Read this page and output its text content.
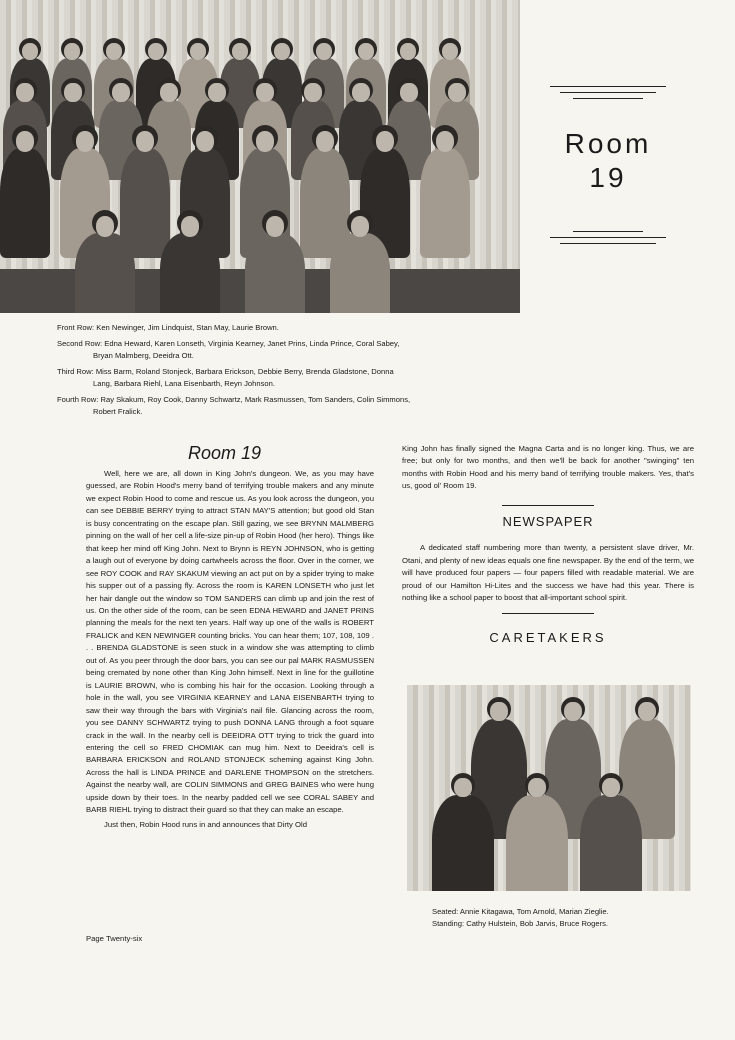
Room
19

Front Row: Ken Newinger, Jim Lindquist, Stan May, Laurie Brown.

Second Row: Edna Heward, Karen Lonseth, Virginia Kearney, Janet Prins, Linda Prince, Coral Sabey,
Bryan Malmberg, Deeidra Ott.

Third Row: Miss Barm, Roland Stonjeck, Barbara Erickson, Debbie Berry, Brenda Gladstone, Donna
Lang, Barbara Riehl, Lana Eisenbarth, Reyn Johnson.

Fourth Row: Ray Skakum, Roy Cook, Danny Schwartz, Mark Rasmussen, Tom Sanders, Colin Simmons,
Robert Fralick.

Room 19

Well, here we are, all down in King John's dungeon. We, as you may have guessed, are Robin Hood's merry band of terrifying trouble makers and any minute we expect Robin Hood to come and rescue us. As you look across the dungeon, you can see DEBBIE BERRY trying to attract STAN MAY'S attention; but good old Stan is busy concentrating on the escape plan. Still gazing, we see BRYNN MALMBERG pinning on the wall of her cell a life-size pin-up of Robin Hood (her hero). Things like that keep her mind off King John. Next to Brynn is REYN JOHNSON, who is getting a laugh out of everyone by doing cartwheels across the floor. Over in the corner, we see ROY COOK and RAY SKAKUM viewing an act put on by a spider trying to make his supper out of a passing fly. Across the room is KAREN LONSETH who just let her hair dangle out the window so TOM SANDERS can climb up and join the rest of us. On the other side of the room, can be seen EDNA HEWARD and JANET PRINS planning the meals for the next ten years. Half way up one of the walls is ROBERT FRALICK and KEN NEWINGER counting bricks. You can hear them; 107, 108, 109 . . . BRENDA GLADSTONE is seen stuck in a window she was attempting to climb out of. As you peer through the door bars, you can see our pal MARK RASMUSSEN being cremated by none other than King John himself. Next in line for the guillotine is LAURIE BROWN, who is combing his hair for the occasion. Looking through a hole in the wall, you see VIRGINIA KEARNEY and LANA EISENBARTH trying to saw their way through the bars with Virginia's nail file. Glancing across the room, you see DANNY SCHWARTZ trying to push DONNA LANG through a foot square crack in the wall. In the nearby cell is DEEIDRA OTT trying to trick the guard into entering the cell so FRED CHOMIAK can mug him. Next to Deeidra's cell is BARBARA ERICKSON and ROLAND STONJECK scheming against King John. Across the hall is LINDA PRINCE and DARLENE THOMPSON on the stretchers. Against the nearby wall, are COLIN SIMMONS and GREG BAINES who were hung upside down by their toes. In the nearby padded cell we see CORAL SABEY and BARB RIEHL trying to distract their guard so that they can make an escape.

Just then, Robin Hood runs in and announces that Dirty Old

Page Twenty-six

King John has finally signed the Magna Carta and is no longer king. Thus, we are free; but only for two months, and then we'll be back for another "swinging" ten months with Robin Hood and his merry band of terrifying trouble makers. Yes, that's us, good ol' Room 19.

NEWSPAPER

A dedicated staff numbering more than twenty, a persistent slave driver, Mr. Otani, and plenty of new ideas equals one fine newspaper. By the end of the term, we will have produced four papers — four papers filled with readable material. We are proud of our Hamilton Hi-Lites and the success we have had this year. There is nothing like a school paper to boost that all-important school spirit.

CARETAKERS
Seated: Annie Kitagawa, Tom Arnold, Marian Zieglie.
Standing: Cathy Hulstein, Bob Jarvis, Bruce Rogers.
